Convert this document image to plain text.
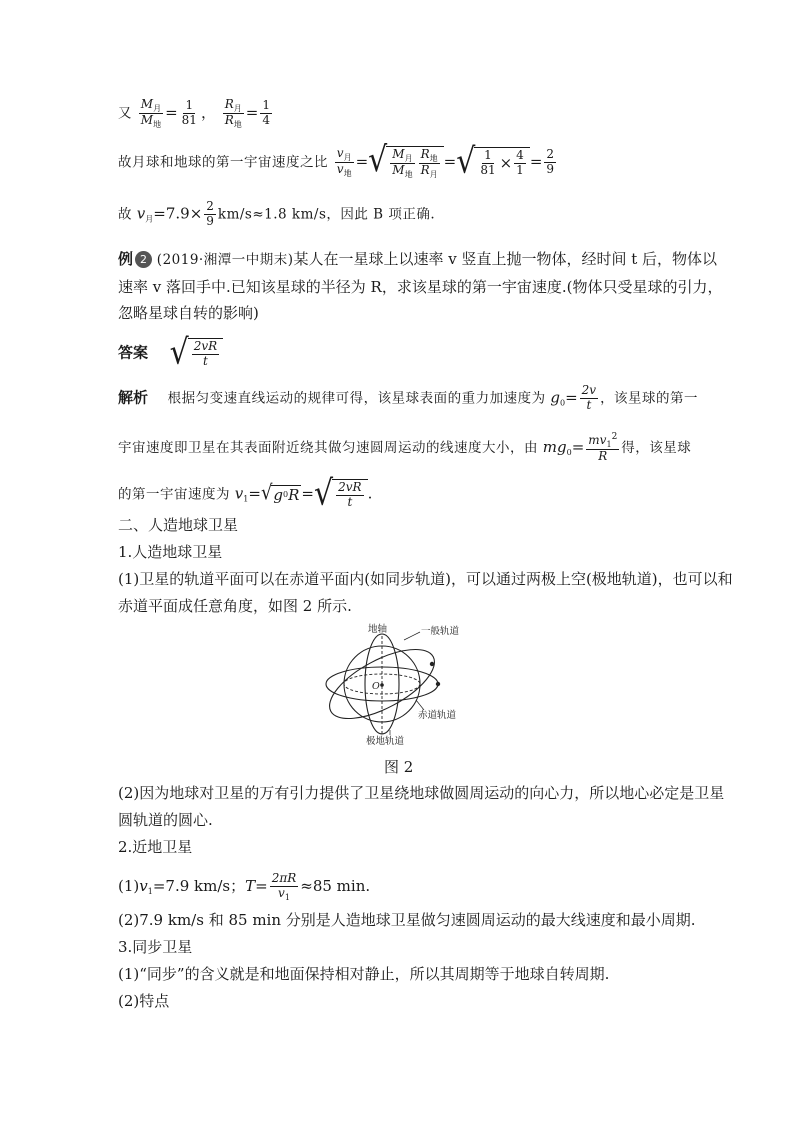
又 $\frac{M_月}{M_地} = \frac{1}{81}$ ， $\frac{R_月}{R_地} = \frac{1}{4}$
故月球和地球的第一宇宙速度之比 $\frac{v_月}{v_地}$ = √ $\frac{M_月}{M_地} \frac{R_地}{R_月}$ = √ $\frac{1}{81} \times \frac{4}{1} = \frac{2}{9}$
故 $v_月=7.9\times \frac{2}{9} km/s\approx 1.8$ km/s，因此 B 项正确.
例 2 (2019·湘潭一中期末)某人在一星球上以速率 v 竖直上抛一物体，经时间 t 后，物体以
速率 v 落回手中.已知该星球的半径为 R，求该星球的第一宇宙速度.(物体只受星球的引力，
忽略星球自转的影响)
答案 √ $\frac{2vR}{t}$
解析 根据匀变速直线运动的规律可得，该星球表面的重力加速度为 $g_0= \frac{2v}{t}$ ，该星球的第一
宇宙速度即卫星在其表面附近绕其做匀速圆周运动的线速度大小，由 $mg_0= \frac{mv_1^2}{R}$ 得，该星球
的第一宇宙速度为 $v_1=$ √ g 0 R = √ $\frac{2vR}{t}$ .
二、人造地球卫星
1.人造地球卫星
(1)卫星的轨道平面可以在赤道平面内(如同步轨道)，可以通过两极上空(极地轨道)，也可以和
赤道平面成任意角度，如图 2 所示.
地轴	一般轨道
O
赤道轨道
极地轨道
图 2
(2)因为地球对卫星的万有引力提供了卫星绕地球做圆周运动的向心力，所以地心必定是卫星
圆轨道的圆心.
2.近地卫星
$(1)v_1=7.9$ km/s；$T= \frac{2\pi R}{v_1} \approx 85$ min.
(2)7.9 km/s 和 85 min 分别是人造地球卫星做匀速圆周运动的最大线速度和最小周期.
3.同步卫星
(1)“同步”的含义就是和地面保持相对静止，所以其周期等于地球自转周期.
(2)特点
